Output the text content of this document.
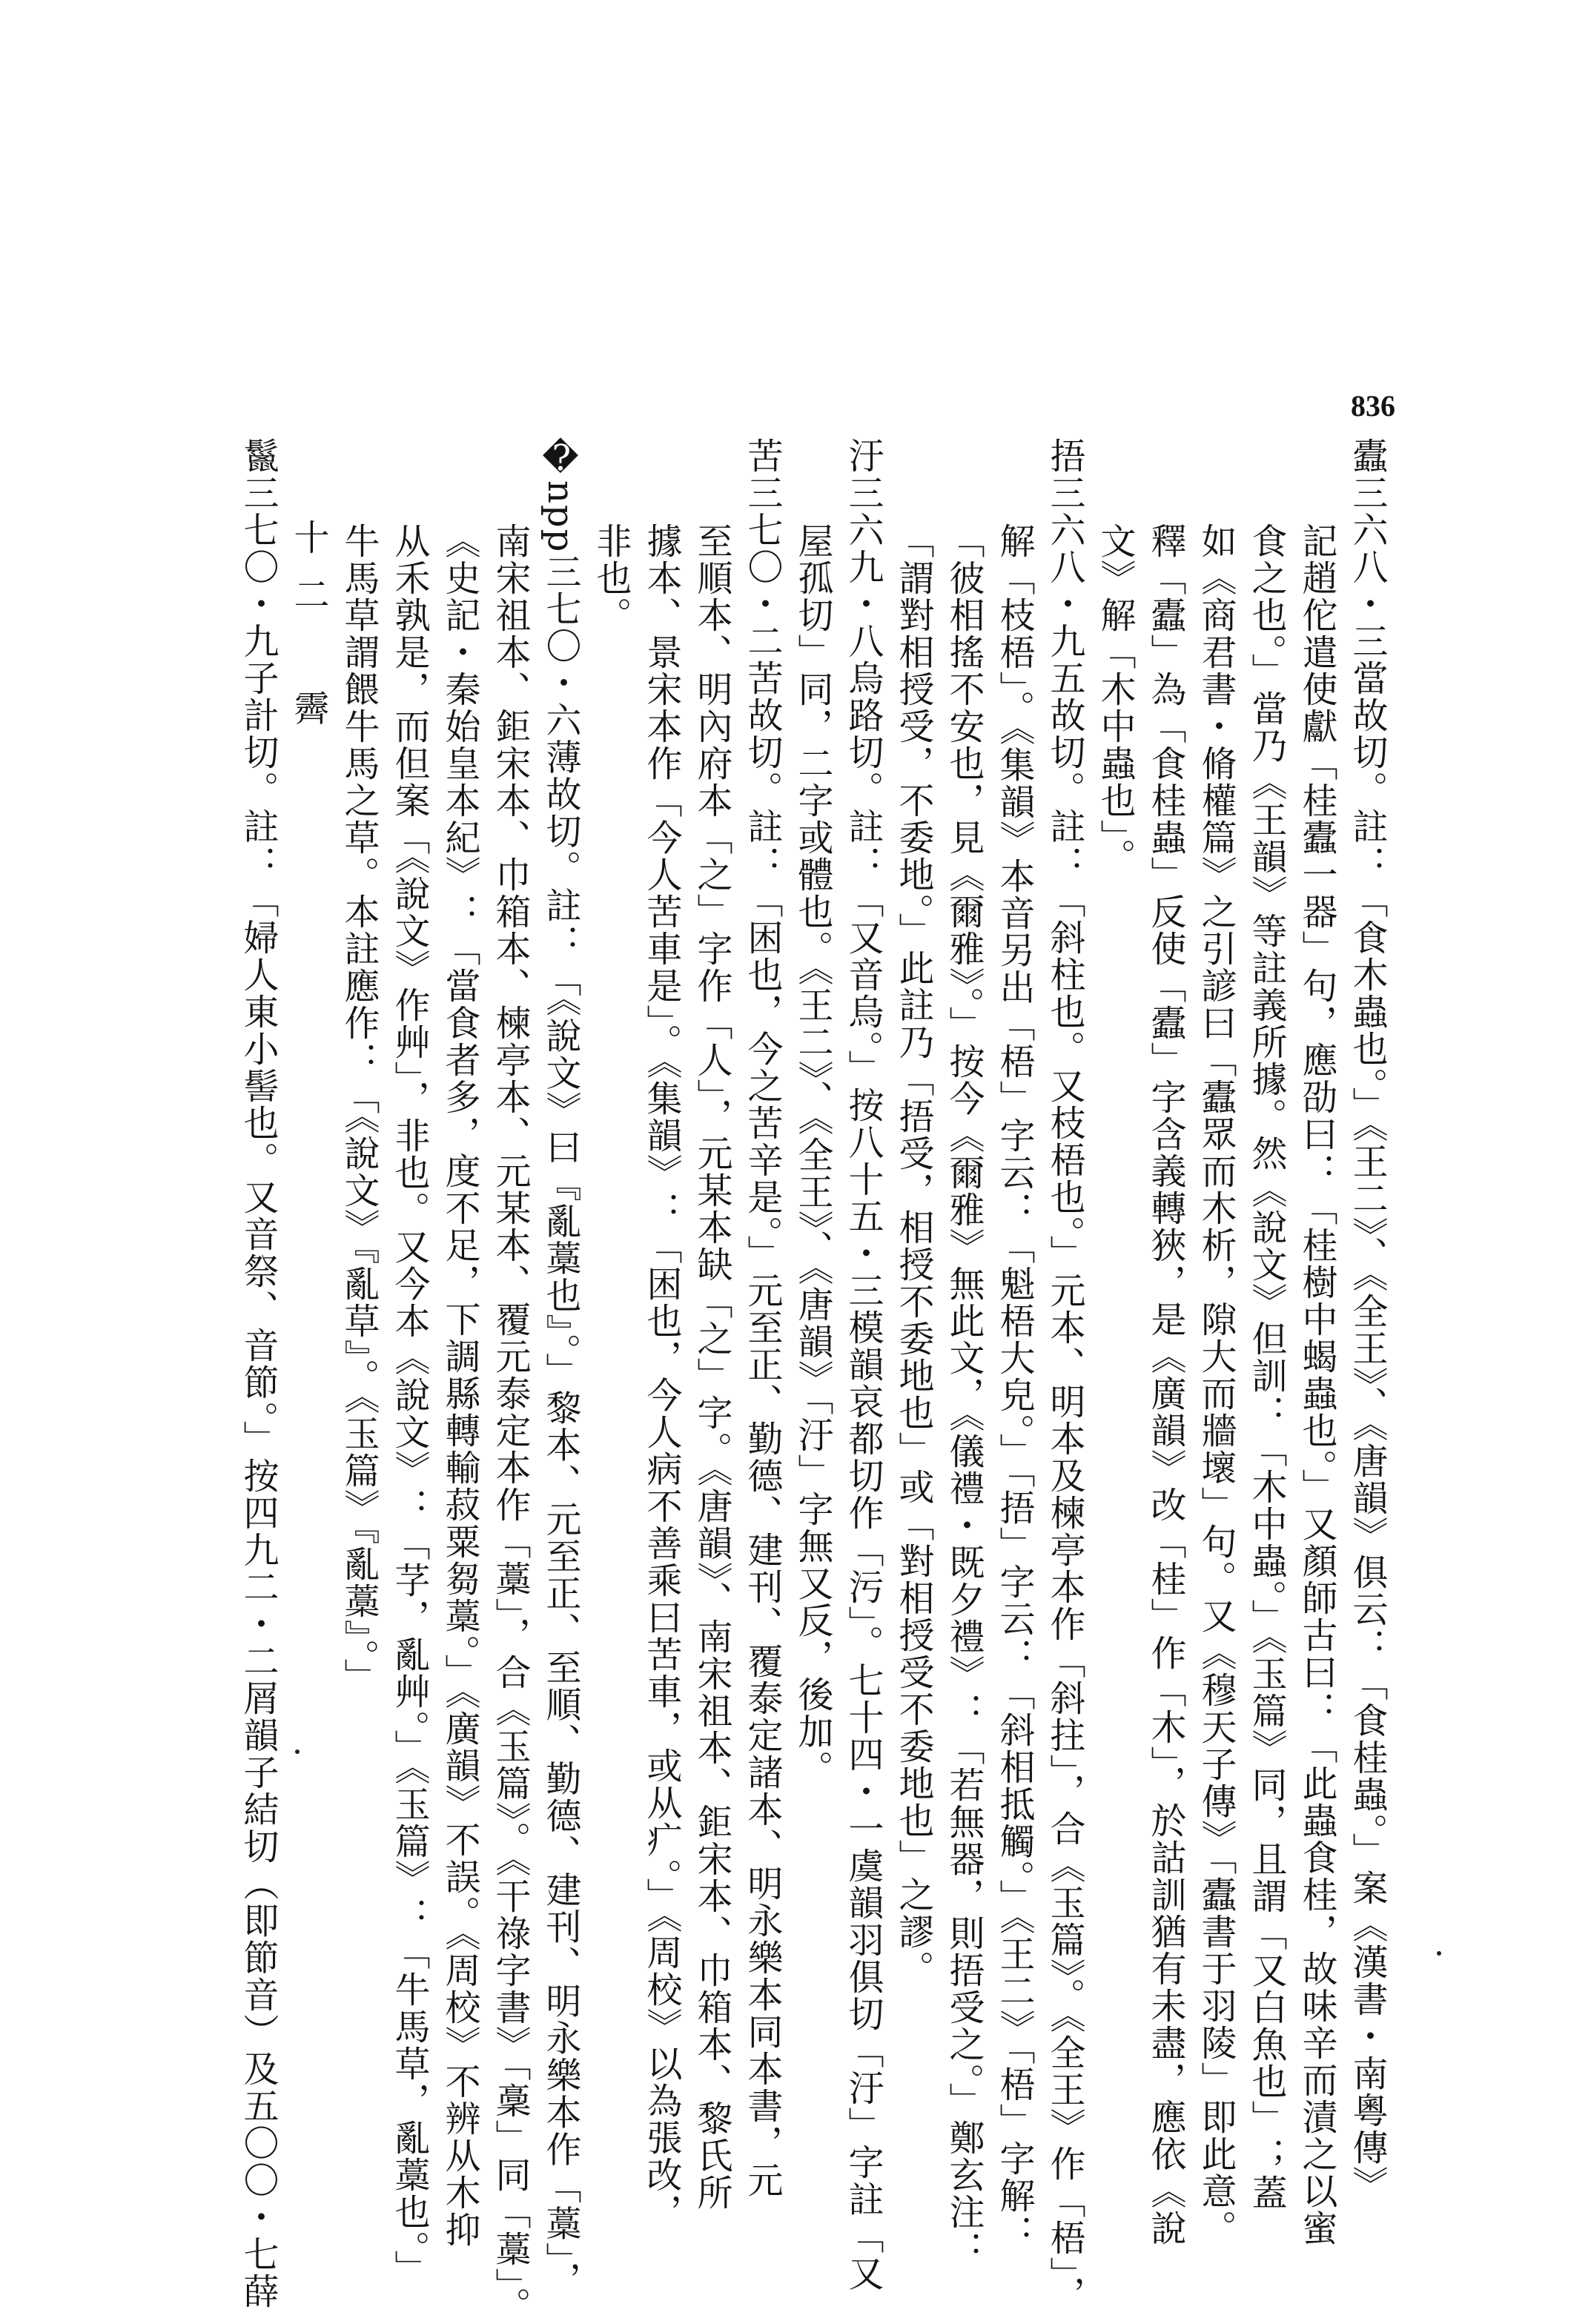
836
蠹三六八・三當故切。註：「食木蟲也。」《王二》、《全王》、《唐韻》俱云：「食桂蟲。」案《漢書・南粵傳》
記趙佗遣使獻「桂蠹一器」句，應劭曰：「桂樹中蝎蟲也。」又顏師古曰：「此蟲食桂，故味辛而漬之以蜜
食之也。」當乃《王韻》等註義所據。然《說文》但訓：「木中蟲。」《玉篇》同，且謂「又白魚也」；蓋
如《商君書・脩權篇》之引諺曰「蠹眾而木析，隙大而牆壞」句。又《穆天子傳》「蠹書于羽陵」即此意。
釋「蠹」為「食桂蟲」反使「蠹」字含義轉狹，是《廣韻》改「桂」作「木」，於詁訓猶有未盡，應依《說
文》解「木中蟲也」。
捂三六八・九五故切。註：「斜柱也。又枝梧也。」元本、明本及楝亭本作「斜拄」，合《玉篇》。《全王》作「梧」，
解「枝梧」。《集韻》本音另出「梧」字云：「魁梧大皃。」「捂」字云：「斜相抵觸。」《王二》「梧」字解：
「彼相搖不安也，見《爾雅》。」按今《爾雅》無此文，《儀禮・既夕禮》：「若無器，則捂受之。」鄭玄注：
「謂對相授受，不委地。」此註乃「捂受，相授不委地也」或「對相授受不委地也」之謬。
汙三六九・八烏路切。註：「又音烏。」按八十五・三模韻哀都切作「污」。七十四・一虞韻羽俱切「汙」字註「又
屋孤切」同，二字或體也。《王二》、《全王》、《唐韻》「汙」字無又反，後加。
苦三七〇・二苦故切。註：「困也，今之苦辛是。」元至正、勤德、建刊、覆泰定諸本、明永樂本同本書，元
至順本、明內府本「之」字作「人」，元某本缺「之」字。《唐韻》、南宋祖本、鉅宋本、巾箱本、黎氏所
據本、景宋本作「今人苦車是」。《集韻》：「困也，今人病不善乘曰苦車，或从疒。」《周校》以為張改，
非也。
�npp三七〇・六薄故切。註：「《說文》曰『亂藁也』。」黎本、元至正、至順、勤德、建刊、明永樂本作「藁」，
南宋祖本、鉅宋本、巾箱本、楝亭本、元某本、覆元泰定本作「藁」，合《玉篇》。《干祿字書》「稾」同「藁」。
《史記・秦始皇本紀》：「當食者多，度不足，下調縣轉輸菽粟芻藁。」《廣韻》不誤。《周校》不辨从木抑
从禾孰是，而但案「《說文》作艸」，非也。又今本《說文》：「芓，亂艸。」《玉篇》：「牛馬草，亂藁也。」
牛馬草謂餵牛馬之草。本註應作：「《說文》『亂草』。《玉篇》『亂藁』。」
十二　霽
鬣三七〇・九子計切。註：「婦人東小髻也。又音祭、音節。」按四九二・二屑韻子結切（即節音）及五〇〇・七薛
